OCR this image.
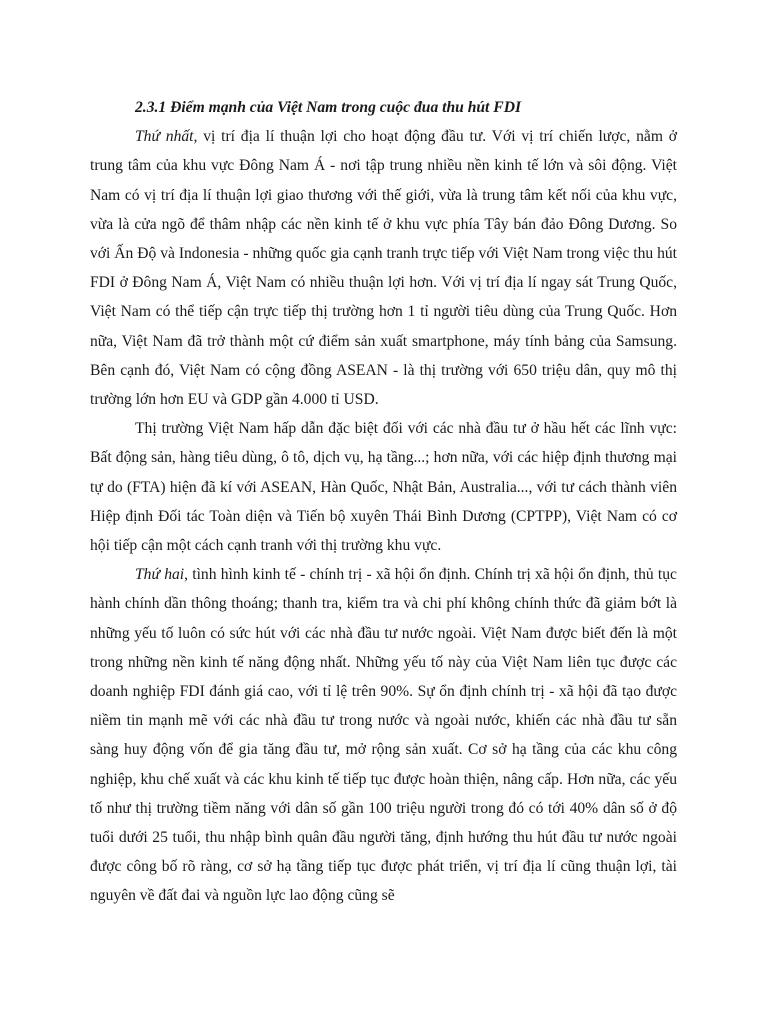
2.3.1 Điểm mạnh của Việt Nam trong cuộc đua thu hút FDI

Thứ nhất, vị trí địa lí thuận lợi cho hoạt động đầu tư. Với vị trí chiến lược, nằm ở trung tâm của khu vực Đông Nam Á - nơi tập trung nhiều nền kinh tế lớn và sôi động. Việt Nam có vị trí địa lí thuận lợi giao thương với thế giới, vừa là trung tâm kết nối của khu vực, vừa là cửa ngõ để thâm nhập các nền kinh tế ở khu vực phía Tây bán đảo Đông Dương. So với Ấn Độ và Indonesia - những quốc gia cạnh tranh trực tiếp với Việt Nam trong việc thu hút FDI ở Đông Nam Á, Việt Nam có nhiều thuận lợi hơn. Với vị trí địa lí ngay sát Trung Quốc, Việt Nam có thể tiếp cận trực tiếp thị trường hơn 1 tỉ người tiêu dùng của Trung Quốc. Hơn nữa, Việt Nam đã trở thành một cứ điểm sản xuất smartphone, máy tính bảng của Samsung. Bên cạnh đó, Việt Nam có cộng đồng ASEAN - là thị trường với 650 triệu dân, quy mô thị trường lớn hơn EU và GDP gần 4.000 tỉ USD.

Thị trường Việt Nam hấp dẫn đặc biệt đối với các nhà đầu tư ở hầu hết các lĩnh vực: Bất động sản, hàng tiêu dùng, ô tô, dịch vụ, hạ tầng...; hơn nữa, với các hiệp định thương mại tự do (FTA) hiện đã kí với ASEAN, Hàn Quốc, Nhật Bản, Australia..., với tư cách thành viên Hiệp định Đối tác Toàn diện và Tiến bộ xuyên Thái Bình Dương (CPTPP), Việt Nam có cơ hội tiếp cận một cách cạnh tranh với thị trường khu vực.

Thứ hai, tình hình kinh tế - chính trị - xã hội ổn định. Chính trị xã hội ổn định, thủ tục hành chính dần thông thoáng; thanh tra, kiểm tra và chi phí không chính thức đã giảm bớt là những yếu tố luôn có sức hút với các nhà đầu tư nước ngoài. Việt Nam được biết đến là một trong những nền kinh tế năng động nhất. Những yếu tố này của Việt Nam liên tục được các doanh nghiệp FDI đánh giá cao, với tỉ lệ trên 90%. Sự ổn định chính trị - xã hội đã tạo được niềm tin mạnh mẽ với các nhà đầu tư trong nước và ngoài nước, khiến các nhà đầu tư sẵn sàng huy động vốn để gia tăng đầu tư, mở rộng sản xuất. Cơ sở hạ tầng của các khu công nghiệp, khu chế xuất và các khu kinh tế tiếp tục được hoàn thiện, nâng cấp. Hơn nữa, các yếu tố như thị trường tiềm năng với dân số gần 100 triệu người trong đó có tới 40% dân số ở độ tuổi dưới 25 tuổi, thu nhập bình quân đầu người tăng, định hướng thu hút đầu tư nước ngoài được công bố rõ ràng, cơ sở hạ tầng tiếp tục được phát triển, vị trí địa lí cũng thuận lợi, tài nguyên về đất đai và nguồn lực lao động cũng sẽ
